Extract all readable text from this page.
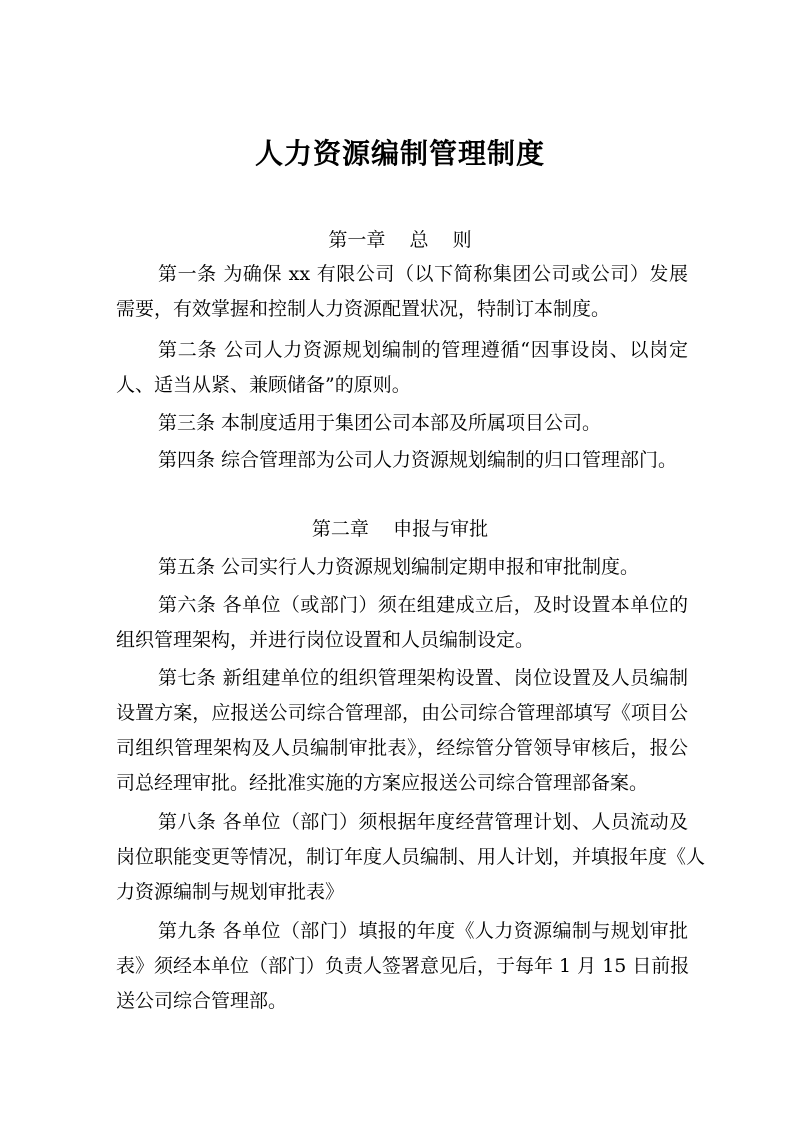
人力资源编制管理制度
第一章    总    则
第一条 为确保 xx 有限公司（以下简称集团公司或公司）发展
需要，有效掌握和控制人力资源配置状况，特制订本制度。
第二条 公司人力资源规划编制的管理遵循“因事设岗、以岗定
人、适当从紧、兼顾储备”的原则。
第三条 本制度适用于集团公司本部及所属项目公司。
第四条 综合管理部为公司人力资源规划编制的归口管理部门。
第二章    申报与审批
第五条 公司实行人力资源规划编制定期申报和审批制度。
第六条 各单位（或部门）须在组建成立后，及时设置本单位的
组织管理架构，并进行岗位设置和人员编制设定。
第七条 新组建单位的组织管理架构设置、岗位设置及人员编制
设置方案，应报送公司综合管理部，由公司综合管理部填写《项目公
司组织管理架构及人员编制审批表》，经综管分管领导审核后，报公
司总经理审批。经批准实施的方案应报送公司综合管理部备案。
第八条 各单位（部门）须根据年度经营管理计划、人员流动及
岗位职能变更等情况，制订年度人员编制、用人计划，并填报年度《人
力资源编制与规划审批表》
第九条 各单位（部门）填报的年度《人力资源编制与规划审批
表》须经本单位（部门）负责人签署意见后，于每年 1 月 15 日前报
送公司综合管理部。
